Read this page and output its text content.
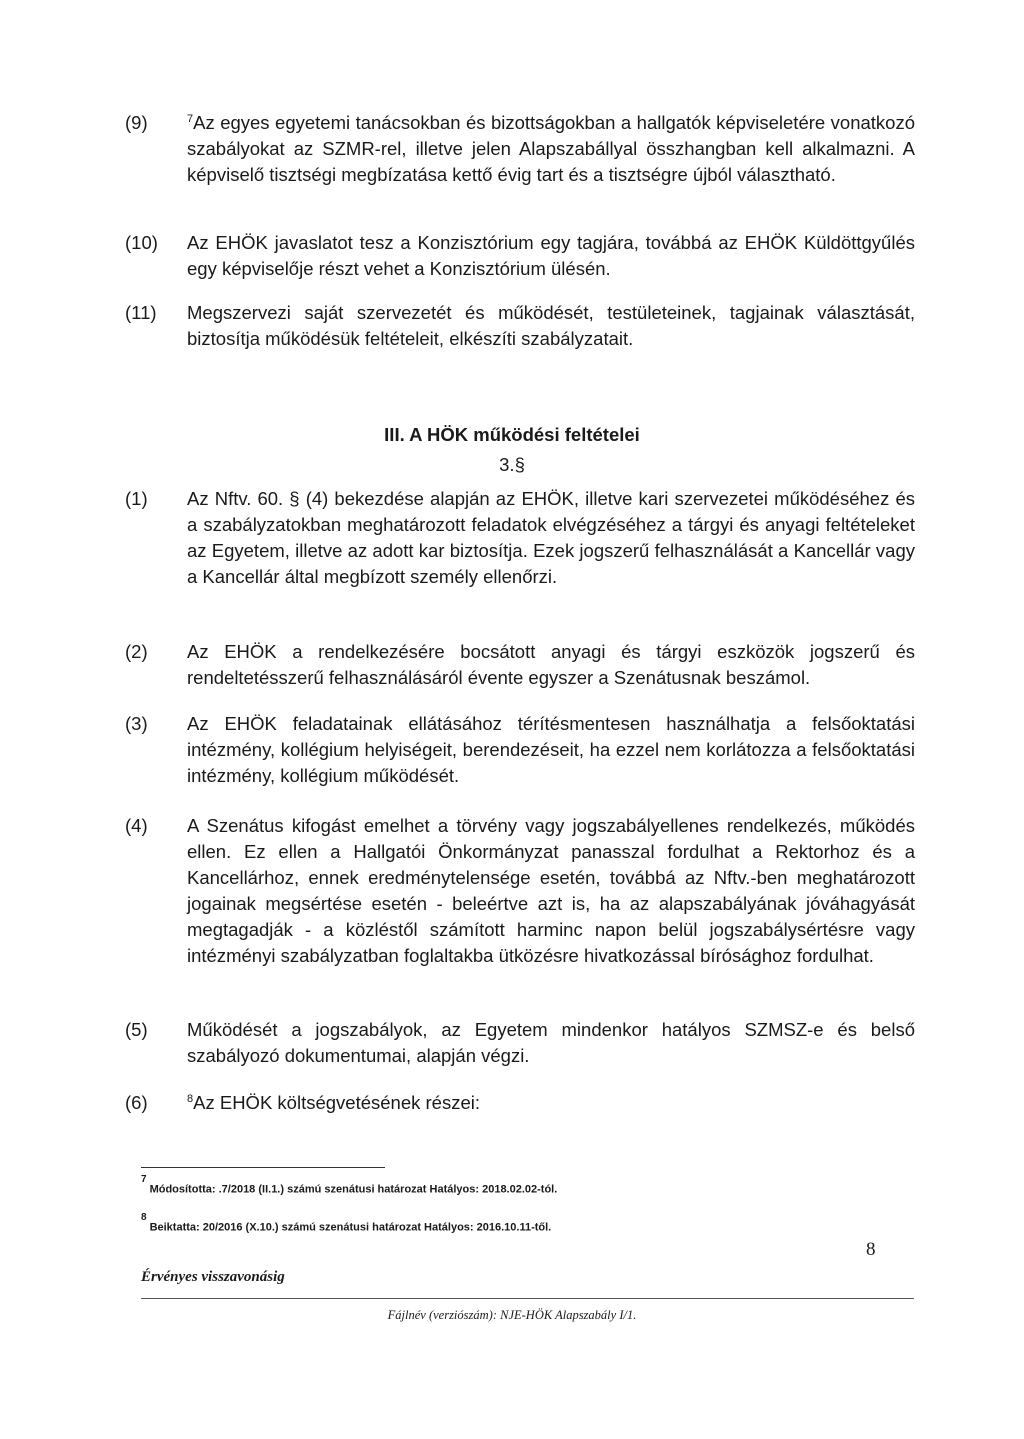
(9)	$^7$Az egyes egyetemi tanácsokban és bizottságokban a hallgatók képviseletére vonatkozó szabályokat az SZMR-rel, illetve jelen Alapszabállyal összhangban kell alkalmazni. A képviselő tisztségi megbízatása kettő évig tart és a tisztségre újból választható.
(10)	Az EHÖK javaslatot tesz a Konzisztórium egy tagjára, továbbá az EHÖK Küldöttgyűlés egy képviselője részt vehet a Konzisztórium ülésén.
(11)	Megszervezi saját szervezetét és működését, testületeinek, tagjainak választását, biztosítja működésük feltételeit, elkészíti szabályzatait.
III. A HÖK működési feltételei
3.§
(1)	Az Nftv. 60. § (4) bekezdése alapján az EHÖK, illetve kari szervezetei működéséhez és a szabályzatokban meghatározott feladatok elvégzéséhez a tárgyi és anyagi feltételeket az Egyetem, illetve az adott kar biztosítja. Ezek jogszerű felhasználását a Kancellár vagy a Kancellár által megbízott személy ellenőrzi.
(2)	Az EHÖK a rendelkezésére bocsátott anyagi és tárgyi eszközök jogszerű és rendeltetésszerű felhasználásáról évente egyszer a Szenátusnak beszámol.
(3)	Az EHÖK feladatainak ellátásához térítésmentesen használhatja a felsőoktatási intézmény, kollégium helyiségeit, berendezéseit, ha ezzel nem korlátozza a felsőoktatási intézmény, kollégium működését.
(4)	A Szenátus kifogást emelhet a törvény vagy jogszabályellenes rendelkezés, működés ellen. Ez ellen a Hallgatói Önkormányzat panasszal fordulhat a Rektorhoz és a Kancellárhoz, ennek eredménytelensége esetén, továbbá az Nftv.-ben meghatározott jogainak megsértése esetén - beleértve azt is, ha az alapszabályának jóváhagyását megtagadják - a közléstől számított harminc napon belül jogszabálysértésre vagy intézményi szabályzatban foglaltakba ütközésre hivatkozással bírósághoz fordulhat.
(5)	Működését a jogszabályok, az Egyetem mindenkor hatályos SZMSZ-e és belső szabályozó dokumentumai, alapján végzi.
(6)	$^8$Az EHÖK költségvetésének részei:
$^7$Módosította: .7/2018 (II.1.) számú szenátusi határozat Hatályos: 2018.02.02-tól.
$^8$Beiktatta: 20/2016 (X.10.) számú szenátusi határozat Hatályos: 2016.10.11-től.
8
Érvényes visszavonásig
Fájlnév (verziószám): NJE-HÖK Alapszabály I/1.
